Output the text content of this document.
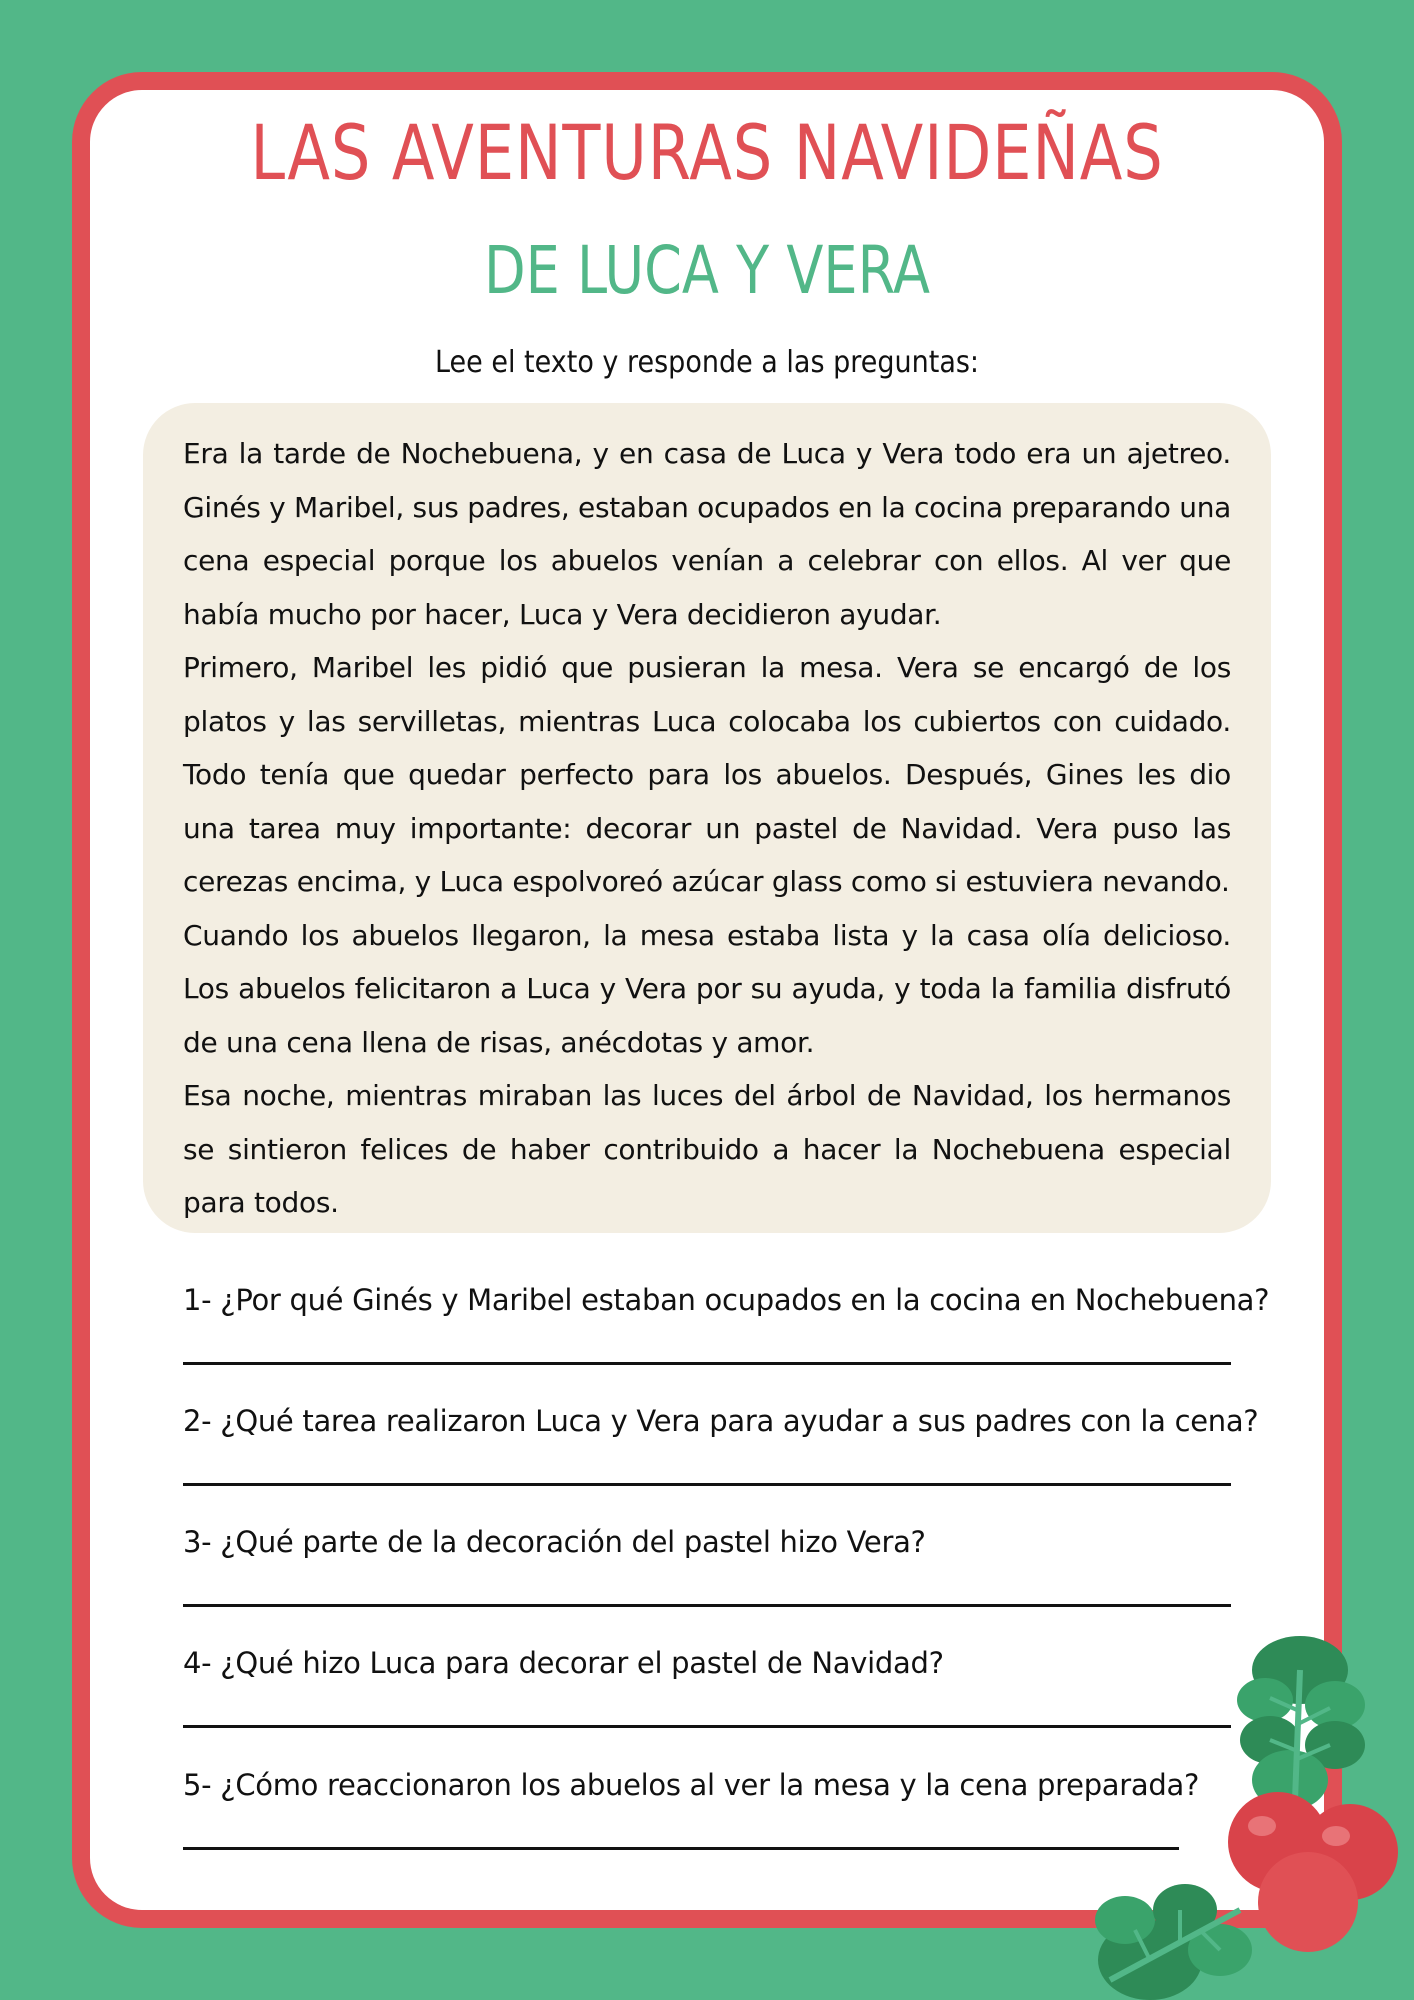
LAS AVENTURAS NAVIDEÑAS
DE LUCA Y VERA
Lee el texto y responde a las preguntas:

Era la tarde de Nochebuena, y en casa de Luca y Vera todo era un ajetreo. Ginés y Maribel, sus padres, estaban ocupados en la cocina preparando una cena especial porque los abuelos venían a celebrar con ellos. Al ver que había mucho por hacer, Luca y Vera decidieron ayudar.

Primero, Maribel les pidió que pusieran la mesa. Vera se encargó de los platos y las servilletas, mientras Luca colocaba los cubiertos con cuidado. Todo tenía que quedar perfecto para los abuelos. Después, Gines les dio una tarea muy importante: decorar un pastel de Navidad. Vera puso las cerezas encima, y Luca espolvoreó azúcar glass como si estuviera nevando.

Cuando los abuelos llegaron, la mesa estaba lista y la casa olía delicioso. Los abuelos felicitaron a Luca y Vera por su ayuda, y toda la familia disfrutó de una cena llena de risas, anécdotas y amor.

Esa noche, mientras miraban las luces del árbol de Navidad, los hermanos se sintieron felices de haber contribuido a hacer la Nochebuena especial para todos.

1- ¿Por qué Ginés y Maribel estaban ocupados en la cocina en Nochebuena?
2- ¿Qué tarea realizaron Luca y Vera para ayudar a sus padres con la cena?
3- ¿Qué parte de la decoración del pastel hizo Vera?
4- ¿Qué hizo Luca para decorar el pastel de Navidad?
5- ¿Cómo reaccionaron los abuelos al ver la mesa y la cena preparada?
